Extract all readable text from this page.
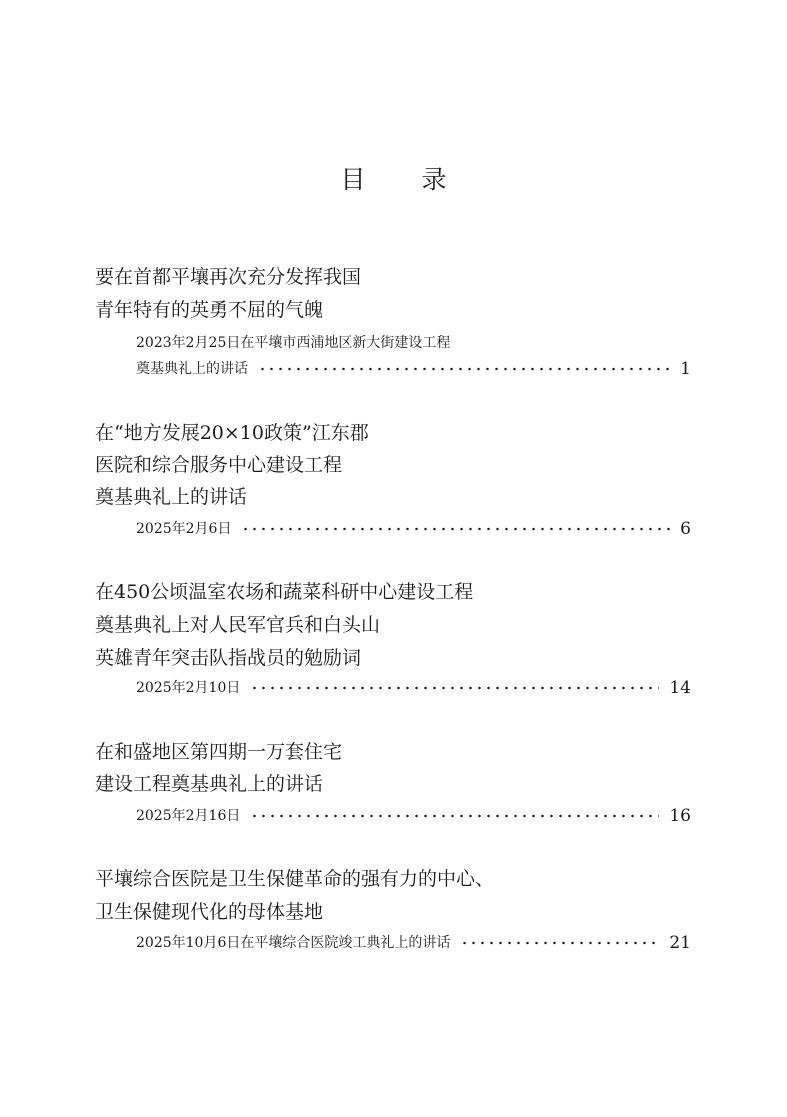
目录
要在首都平壤再次充分发挥我国
青年特有的英勇不屈的气魄
2023年2月25日在平壤市西浦地区新大街建设工程
奠基典礼上的讲话	1
在“地方发展20×10政策”江东郡
医院和综合服务中心建设工程
奠基典礼上的讲话
2025年2月6日	6
在450公顷温室农场和蔬菜科研中心建设工程
奠基典礼上对人民军官兵和白头山
英雄青年突击队指战员的勉励词
2025年2月10日	14
在和盛地区第四期一万套住宅
建设工程奠基典礼上的讲话
2025年2月16日	16
平壤综合医院是卫生保健革命的强有力的中心、
卫生保健现代化的母体基地
2025年10月6日在平壤综合医院竣工典礼上的讲话	21
